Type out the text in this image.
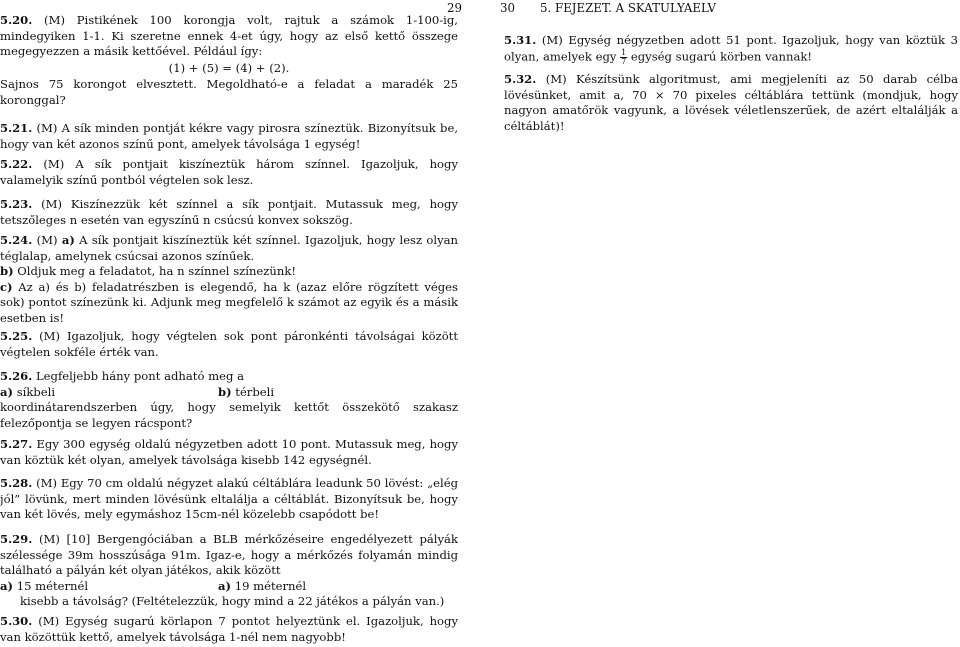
29

5.20. (M) Pistikének 100 korongja volt, rajtuk a számok 1-100-ig, mindegyiken 1-1. Ki szeretne ennek 4-et úgy, hogy az első kettő összege megegyezzen a másik kettőével. Például így:

(1) + (5) = (4) + (2).

Sajnos 75 korongot elvesztett. Megoldható-e a feladat a maradék 25 koronggal?

5.21. (M) A sík minden pontját kékre vagy pirosra színeztük. Bizonyítsuk be, hogy van két azonos színű pont, amelyek távolsága 1 egység!

5.22. (M) A sík pontjait kiszíneztük három színnel. Igazoljuk, hogy valamelyik színű pontból végtelen sok lesz.

5.23. (M) Kiszínezzük két színnel a sík pontjait. Mutassuk meg, hogy tetszőleges n esetén van egyszínű n csúcsú konvex sokszög.

5.24. (M) a) A sík pontjait kiszíneztük két színnel. Igazoljuk, hogy lesz olyan téglalap, amelynek csúcsai azonos színűek.

b) Oldjuk meg a feladatot, ha n színnel színezünk!

c) Az a) és b) feladatrészben is elegendő, ha k (azaz előre rögzített véges sok) pontot színezünk ki. Adjunk meg megfelelő k számot az egyik és a másik esetben is!

5.25. (M) Igazoljuk, hogy végtelen sok pont páronkénti távolságai között végtelen sokféle érték van.

5.26. Legfeljebb hány pont adható meg a

a) síkbeli	b) térbeli

koordinátarendszerben úgy, hogy semelyik kettőt összekötő szakasz felezőpontja se legyen rácspont?

5.27. Egy 300 egység oldalú négyzetben adott 10 pont. Mutassuk meg, hogy van köztük két olyan, amelyek távolsága kisebb 142 egységnél.

5.28. (M) Egy 70 cm oldalú négyzet alakú céltáblára leadunk 50 lövést: „elég jól” lövünk, mert minden lövésünk eltalálja a céltáblát. Bizonyítsuk be, hogy van két lövés, mely egymáshoz 15cm-nél közelebb csapódott be!

5.29. (M) [10] Bergengóciában a BLB mérkőzéseire engedélyezett pályák szélessége 39m hosszúsága 91m. Igaz-e, hogy a mérkőzés folyamán mindig található a pályán két olyan játékos, akik között

a) 15 méternél	a) 19 méternél

kisebb a távolság? (Feltételezzük, hogy mind a 22 játékos a pályán van.)

5.30. (M) Egység sugarú körlapon 7 pontot helyeztünk el. Igazoljuk, hogy van közöttük kettő, amelyek távolsága 1-nél nem nagyobb!

30 5. FEJEZET. A SKATULYAELV

5.31. (M) Egység négyzetben adott 51 pont. Igazoljuk, hogy van köztük 3 olyan, amelyek egy $\frac{1}{7}$ egység sugarú körben vannak!

5.32. (M) Készítsünk algoritmust, ami megjeleníti az 50 darab célba lövésünket, amit a, 70 × 70 pixeles céltáblára tettünk (mondjuk, hogy nagyon amatőrök vagyunk, a lövések véletlenszerűek, de azért eltalálják a céltáblát)!
